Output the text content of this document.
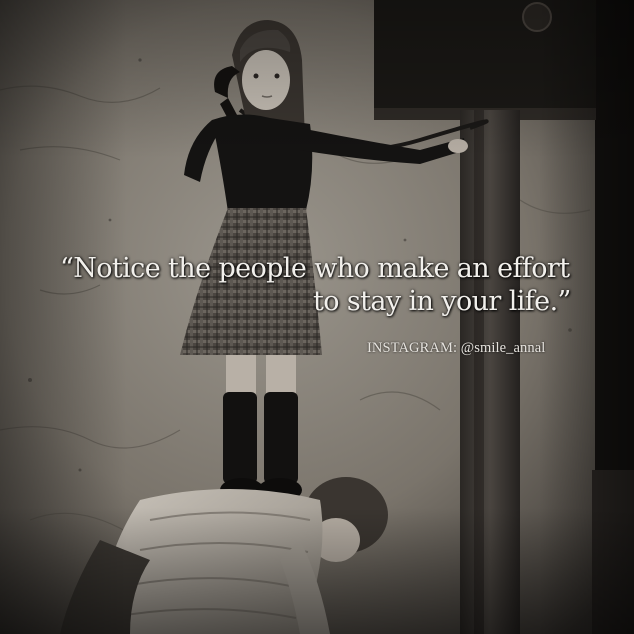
“Notice the people who make an effort
to stay in your life.”
INSTAGRAM: @smile_annal
